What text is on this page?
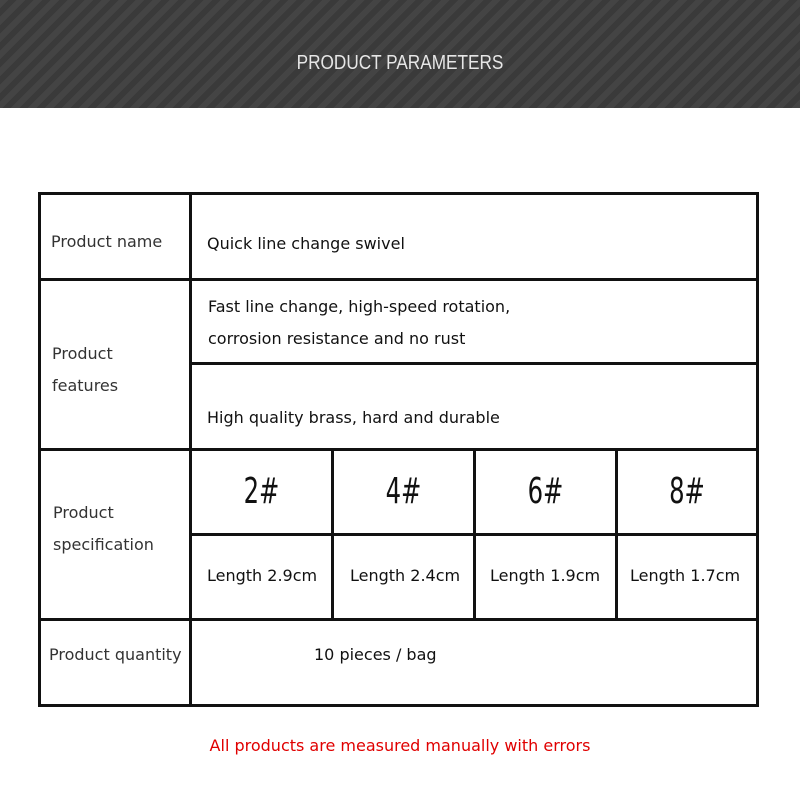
PRODUCT PARAMETERS
Product name	Quick line change swivel
Product
features
Fast line change, high-speed rotation,
corrosion resistance and no rust
High quality brass, hard and durable
Product
specification
2#	4#	6#	8#
Length 2.9cm Length 2.4cm Length 1.9cm Length 1.7cm
Product quantity	10 pieces / bag
All products are measured manually with errors
